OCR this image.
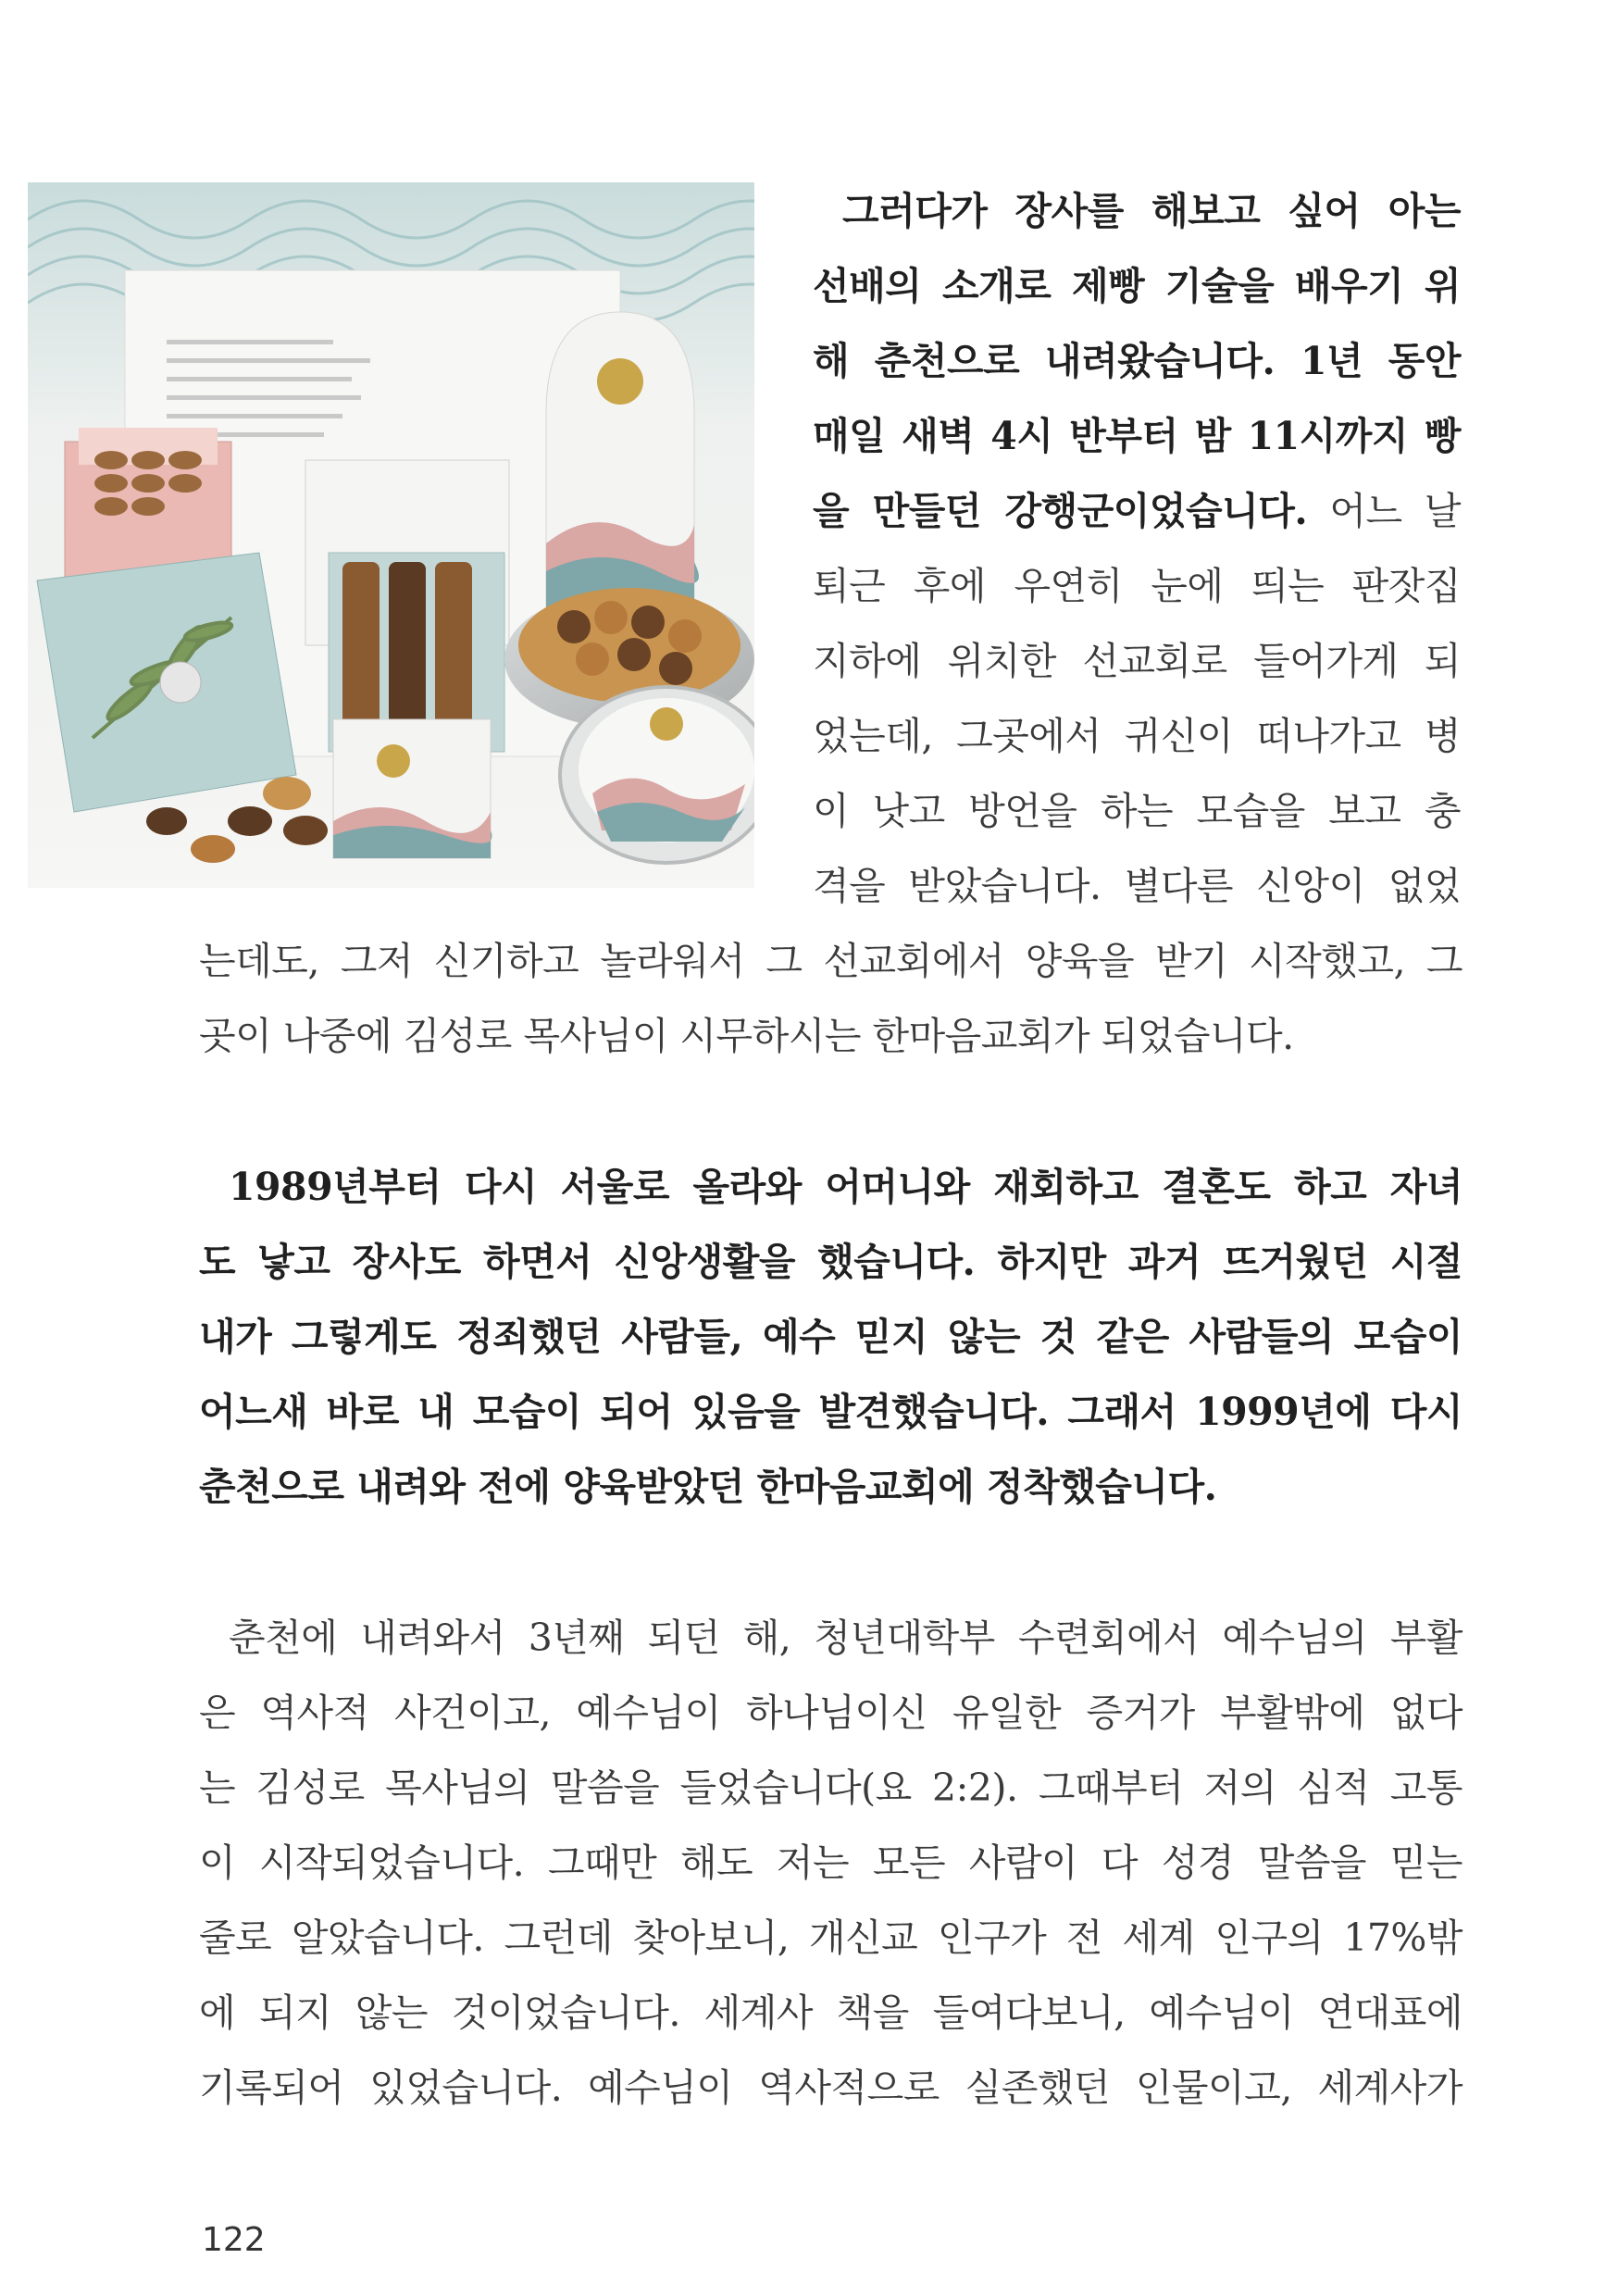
그러다가 장사를 해보고 싶어 아는
선배의 소개로 제빵 기술을 배우기 위
해 춘천으로 내려왔습니다. 1년 동안
매일 새벽 4시 반부터 밤 11시까지 빵
을 만들던 강행군이었습니다. 어느 날
퇴근 후에 우연히 눈에 띄는 판잣집
지하에 위치한 선교회로 들어가게 되
었는데, 그곳에서 귀신이 떠나가고 병
이 낫고 방언을 하는 모습을 보고 충
격을 받았습니다. 별다른 신앙이 없었
는데도, 그저 신기하고 놀라워서 그 선교회에서 양육을 받기 시작했고, 그
곳이 나중에 김성로 목사님이 시무하시는 한마음교회가 되었습니다.
1989년부터 다시 서울로 올라와 어머니와 재회하고 결혼도 하고 자녀
도 낳고 장사도 하면서 신앙생활을 했습니다. 하지만 과거 뜨거웠던 시절
내가 그렇게도 정죄했던 사람들, 예수 믿지 않는 것 같은 사람들의 모습이
어느새 바로 내 모습이 되어 있음을 발견했습니다. 그래서 1999년에 다시
춘천으로 내려와 전에 양육받았던 한마음교회에 정착했습니다.
춘천에 내려와서 3년째 되던 해, 청년대학부 수련회에서 예수님의 부활
은 역사적 사건이고, 예수님이 하나님이신 유일한 증거가 부활밖에 없다
는 김성로 목사님의 말씀을 들었습니다(요 2:2). 그때부터 저의 심적 고통
이 시작되었습니다. 그때만 해도 저는 모든 사람이 다 성경 말씀을 믿는
줄로 알았습니다. 그런데 찾아보니, 개신교 인구가 전 세계 인구의 17%밖
에 되지 않는 것이었습니다. 세계사 책을 들여다보니, 예수님이 연대표에
기록되어 있었습니다. 예수님이 역사적으로 실존했던 인물이고, 세계사가
122
